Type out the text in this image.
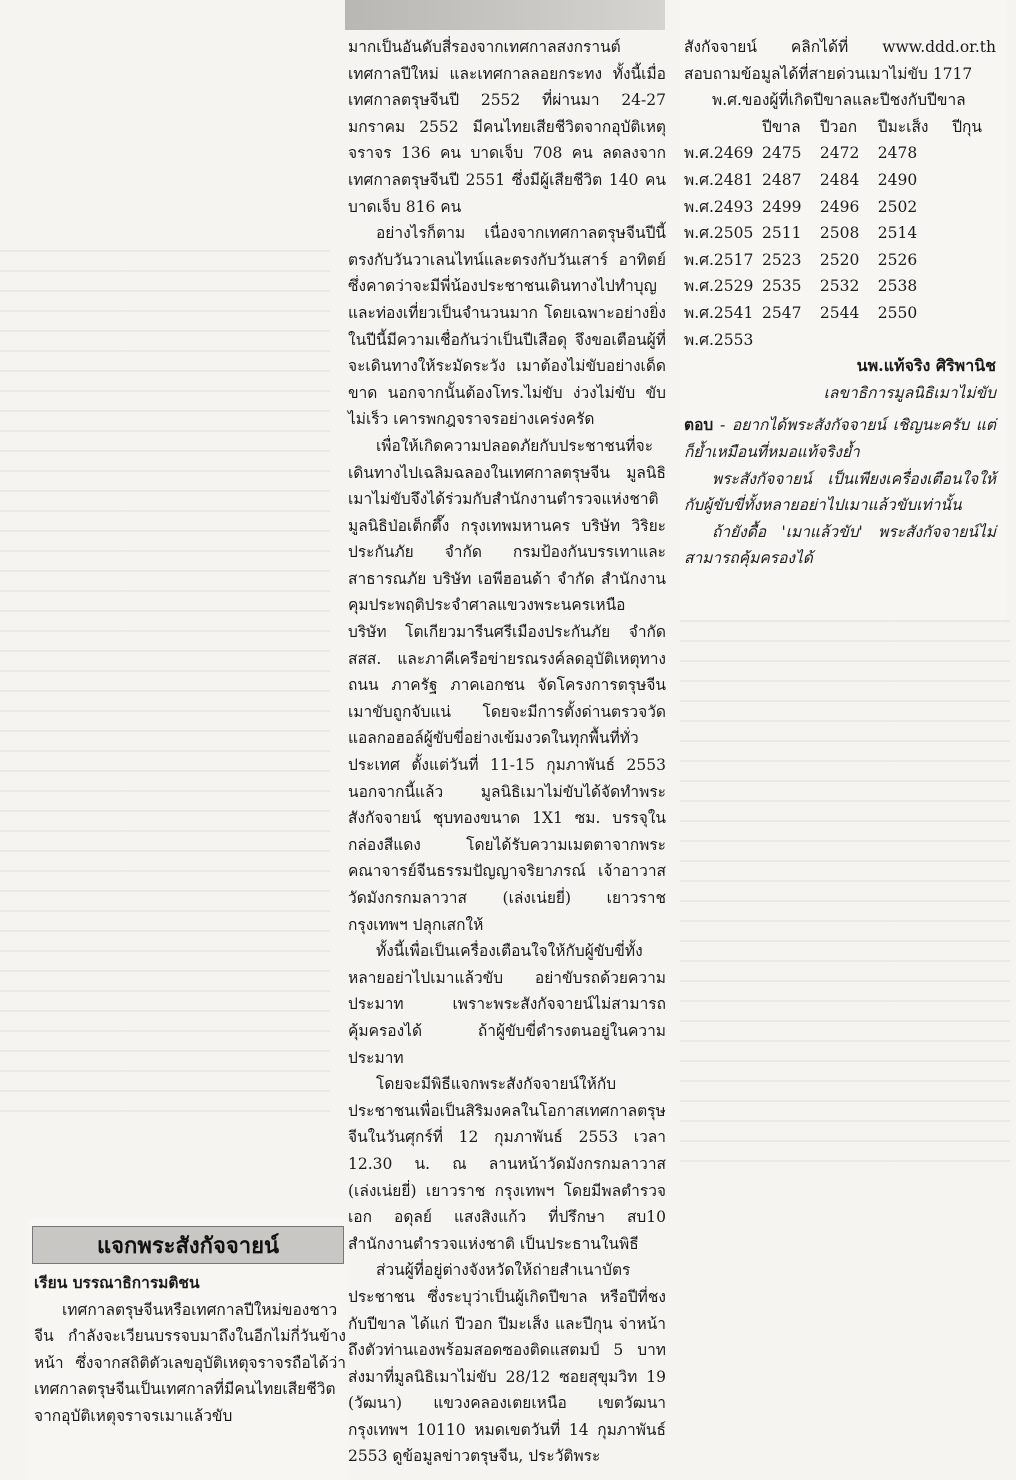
มากเป็นอันดับสี่รองจากเทศกาลสงกรานต์ เทศกาลปีใหม่ และเทศกาลลอยกระทง ทั้งนี้เมื่อเทศกาลตรุษจีนปี 2552 ที่ผ่านมา 24-27 มกราคม 2552 มีคนไทยเสียชีวิตจากอุบัติเหตุจราจร 136 คน บาดเจ็บ 708 คน ลดลงจากเทศกาลตรุษจีนปี 2551 ซึ่งมีผู้เสียชีวิต 140 คน บาดเจ็บ 816 คน

อย่างไรก็ตาม เนื่องจากเทศกาลตรุษจีนปีนี้ตรงกับวันวาเลนไทน์และตรงกับวันเสาร์ อาทิตย์ ซึ่งคาดว่าจะมีพี่น้องประชาชนเดินทางไปทำบุญและท่องเที่ยวเป็นจำนวนมาก โดยเฉพาะอย่างยิ่งในปีนี้มีความเชื่อกันว่าเป็นปีเสือดุ จึงขอเตือนผู้ที่จะเดินทางให้ระมัดระวัง เมาต้องไม่ขับอย่างเด็ดขาด นอกจากนั้นต้องโทร.ไม่ขับ ง่วงไม่ขับ ขับไม่เร็ว เคารพกฎจราจรอย่างเคร่งครัด

เพื่อให้เกิดความปลอดภัยกับประชาชนที่จะเดินทางไปเฉลิมฉลองในเทศกาลตรุษจีน มูลนิธิเมาไม่ขับจึงได้ร่วมกับสำนักงานตำรวจแห่งชาติ มูลนิธิป่อเต็กตึ๊ง กรุงเทพมหานคร บริษัท วิริยะประกันภัย จำกัด กรมป้องกันบรรเทาและสาธารณภัย บริษัท เอพีฮอนด้า จำกัด สำนักงานคุมประพฤติประจำศาลแขวงพระนครเหนือ บริษัท โตเกียวมารีนศรีเมืองประกันภัย จำกัด สสส. และภาคีเครือข่ายรณรงค์ลดอุบัติเหตุทางถนน ภาครัฐ ภาคเอกชน จัดโครงการตรุษจีนเมาขับถูกจับแน่ โดยจะมีการตั้งด่านตรวจวัดแอลกอฮอล์ผู้ขับขี่อย่างเข้มงวดในทุกพื้นที่ทั่วประเทศ ตั้งแต่วันที่ 11-15 กุมภาพันธ์ 2553 นอกจากนี้แล้ว มูลนิธิเมาไม่ขับได้จัดทำพระสังกัจจายน์ ชุบทองขนาด 1X1 ซม. บรรจุในกล่องสีแดง โดยได้รับความเมตตาจากพระคณาจารย์จีนธรรมปัญญาจริยาภรณ์ เจ้าอาวาสวัดมังกรกมลาวาส (เล่งเน่ยยี่) เยาวราช กรุงเทพฯ ปลุกเสกให้

ทั้งนี้เพื่อเป็นเครื่องเตือนใจให้กับผู้ขับขี่ทั้งหลายอย่าไปเมาแล้วขับ อย่าขับรถด้วยความประมาท เพราะพระสังกัจจายน์ไม่สามารถคุ้มครองได้ ถ้าผู้ขับขี่ดำรงตนอยู่ในความประมาท

โดยจะมีพิธีแจกพระสังกัจจายน์ให้กับประชาชนเพื่อเป็นสิริมงคลในโอกาสเทศกาลตรุษจีนในวันศุกร์ที่ 12 กุมภาพันธ์ 2553 เวลา 12.30 น. ณ ลานหน้าวัดมังกรกมลาวาส (เล่งเน่ยยี่) เยาวราช กรุงเทพฯ โดยมีพลตำรวจเอก อดุลย์ แสงสิงแก้ว ที่ปรึกษา สบ10 สำนักงานตำรวจแห่งชาติ เป็นประธานในพิธี

ส่วนผู้ที่อยู่ต่างจังหวัดให้ถ่ายสำเนาบัตรประชาชน ซึ่งระบุว่าเป็นผู้เกิดปีขาล หรือปีที่ชงกับปีขาล ได้แก่ ปีวอก ปีมะเส็ง และปีกุน จ่าหน้าถึงตัวท่านเองพร้อมสอดซองติดแสตมป์ 5 บาท ส่งมาที่มูลนิธิเมาไม่ขับ 28/12 ซอยสุขุมวิท 19 (วัฒนา) แขวงคลองเตยเหนือ เขตวัฒนา กรุงเทพฯ 10110 หมดเขตวันที่ 14 กุมภาพันธ์ 2553 ดูข้อมูลข่าวตรุษจีน, ประวัติพระ

สังกัจจายน์ คลิกได้ที่ www.ddd.or.th สอบถามข้อมูลได้ที่สายด่วนเมาไม่ขับ 1717

พ.ศ.ของผู้ที่เกิดปีขาลและปีชงกับปีขาล

	ปีขาล	ปีวอก	ปีมะเส็ง	ปีกุน
พ.ศ.2469	2475	2472	2478	
พ.ศ.2481	2487	2484	2490	
พ.ศ.2493	2499	2496	2502	
พ.ศ.2505	2511	2508	2514	
พ.ศ.2517	2523	2520	2526	
พ.ศ.2529	2535	2532	2538	
พ.ศ.2541	2547	2544	2550	
พ.ศ.2553				

นพ.แท้จริง ศิริพานิช

เลขาธิการมูลนิธิเมาไม่ขับ

ตอบ - อยากได้พระสังกัจจายน์ เชิญนะครับ แต่ก็ย้ำเหมือนที่หมอแท้จริงย้ำ

พระสังกัจจายน์ เป็นเพียงเครื่องเตือนใจให้กับผู้ขับขี่ทั้งหลายอย่าไปเมาแล้วขับเท่านั้น

ถ้ายังดื้อ 'เมาแล้วขับ' พระสังกัจจายน์ไม่สามารถคุ้มครองได้

แจกพระสังกัจจายน์

เรียน บรรณาธิการมติชน

เทศกาลตรุษจีนหรือเทศกาลปีใหม่ของชาวจีน กำลังจะเวียนบรรจบมาถึงในอีกไม่กี่วันข้างหน้า ซึ่งจากสถิติตัวเลขอุบัติเหตุจราจรถือได้ว่าเทศกาลตรุษจีนเป็นเทศกาลที่มีคนไทยเสียชีวิตจากอุบัติเหตุจราจรเมาแล้วขับ
